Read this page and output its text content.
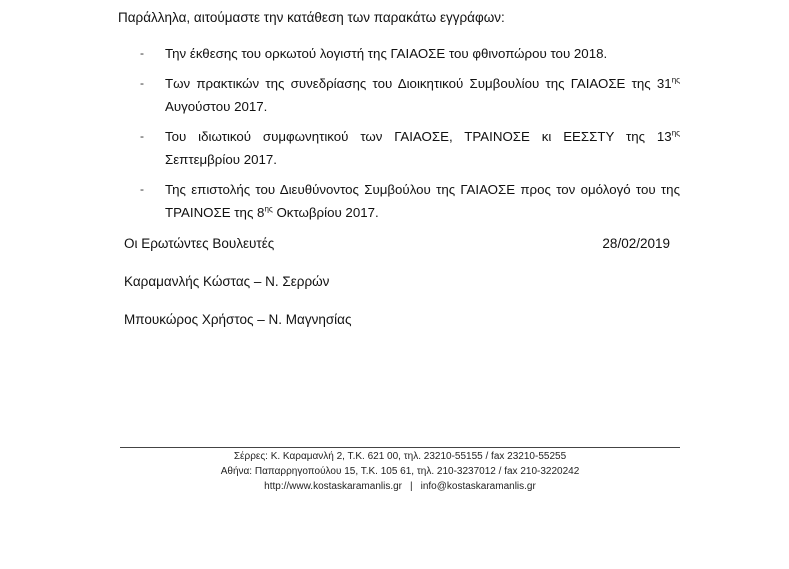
Παράλληλα, αιτούμαστε την κατάθεση των παρακάτω εγγράφων:
- Την έκθεσης του ορκωτού λογιστή της ΓΑΙΑΟΣΕ του φθινοπώρου του 2018.
- Των πρακτικών της συνεδρίασης του Διοικητικού Συμβουλίου της ΓΑΙΑΟΣΕ της $31^{\eta\varsigma}$ Αυγούστου 2017.
- Του ιδιωτικού συμφωνητικού των ΓΑΙΑΟΣΕ, ΤΡΑΙΝΟΣΕ κι ΕΕΣΣΤΥ της $13^{\eta\varsigma}$ Σεπτεμβρίου 2017.
- Της επιστολής του Διευθύνοντος Συμβούλου της ΓΑΙΑΟΣΕ προς τον ομόλογό του της ΤΡΑΙΝΟΣΕ της $8^{\eta\varsigma}$ Οκτωβρίου 2017.
Οι Ερωτώντες Βουλευτές	28/02/2019
Καραμανλής Κώστας – Ν. Σερρών
Μπουκώρος Χρήστος – Ν. Μαγνησίας
Σέρρες: Κ. Καραμανλή 2, Τ.Κ. 621 00, τηλ. 23210-55155 / fax 23210-55255
Αθήνα: Παπαρρηγοπούλου 15, Τ.Κ. 105 61, τηλ. 210-3237012 / fax 210-3220242
http://www.kostaskaramanlis.gr | info@kostaskaramanlis.gr
